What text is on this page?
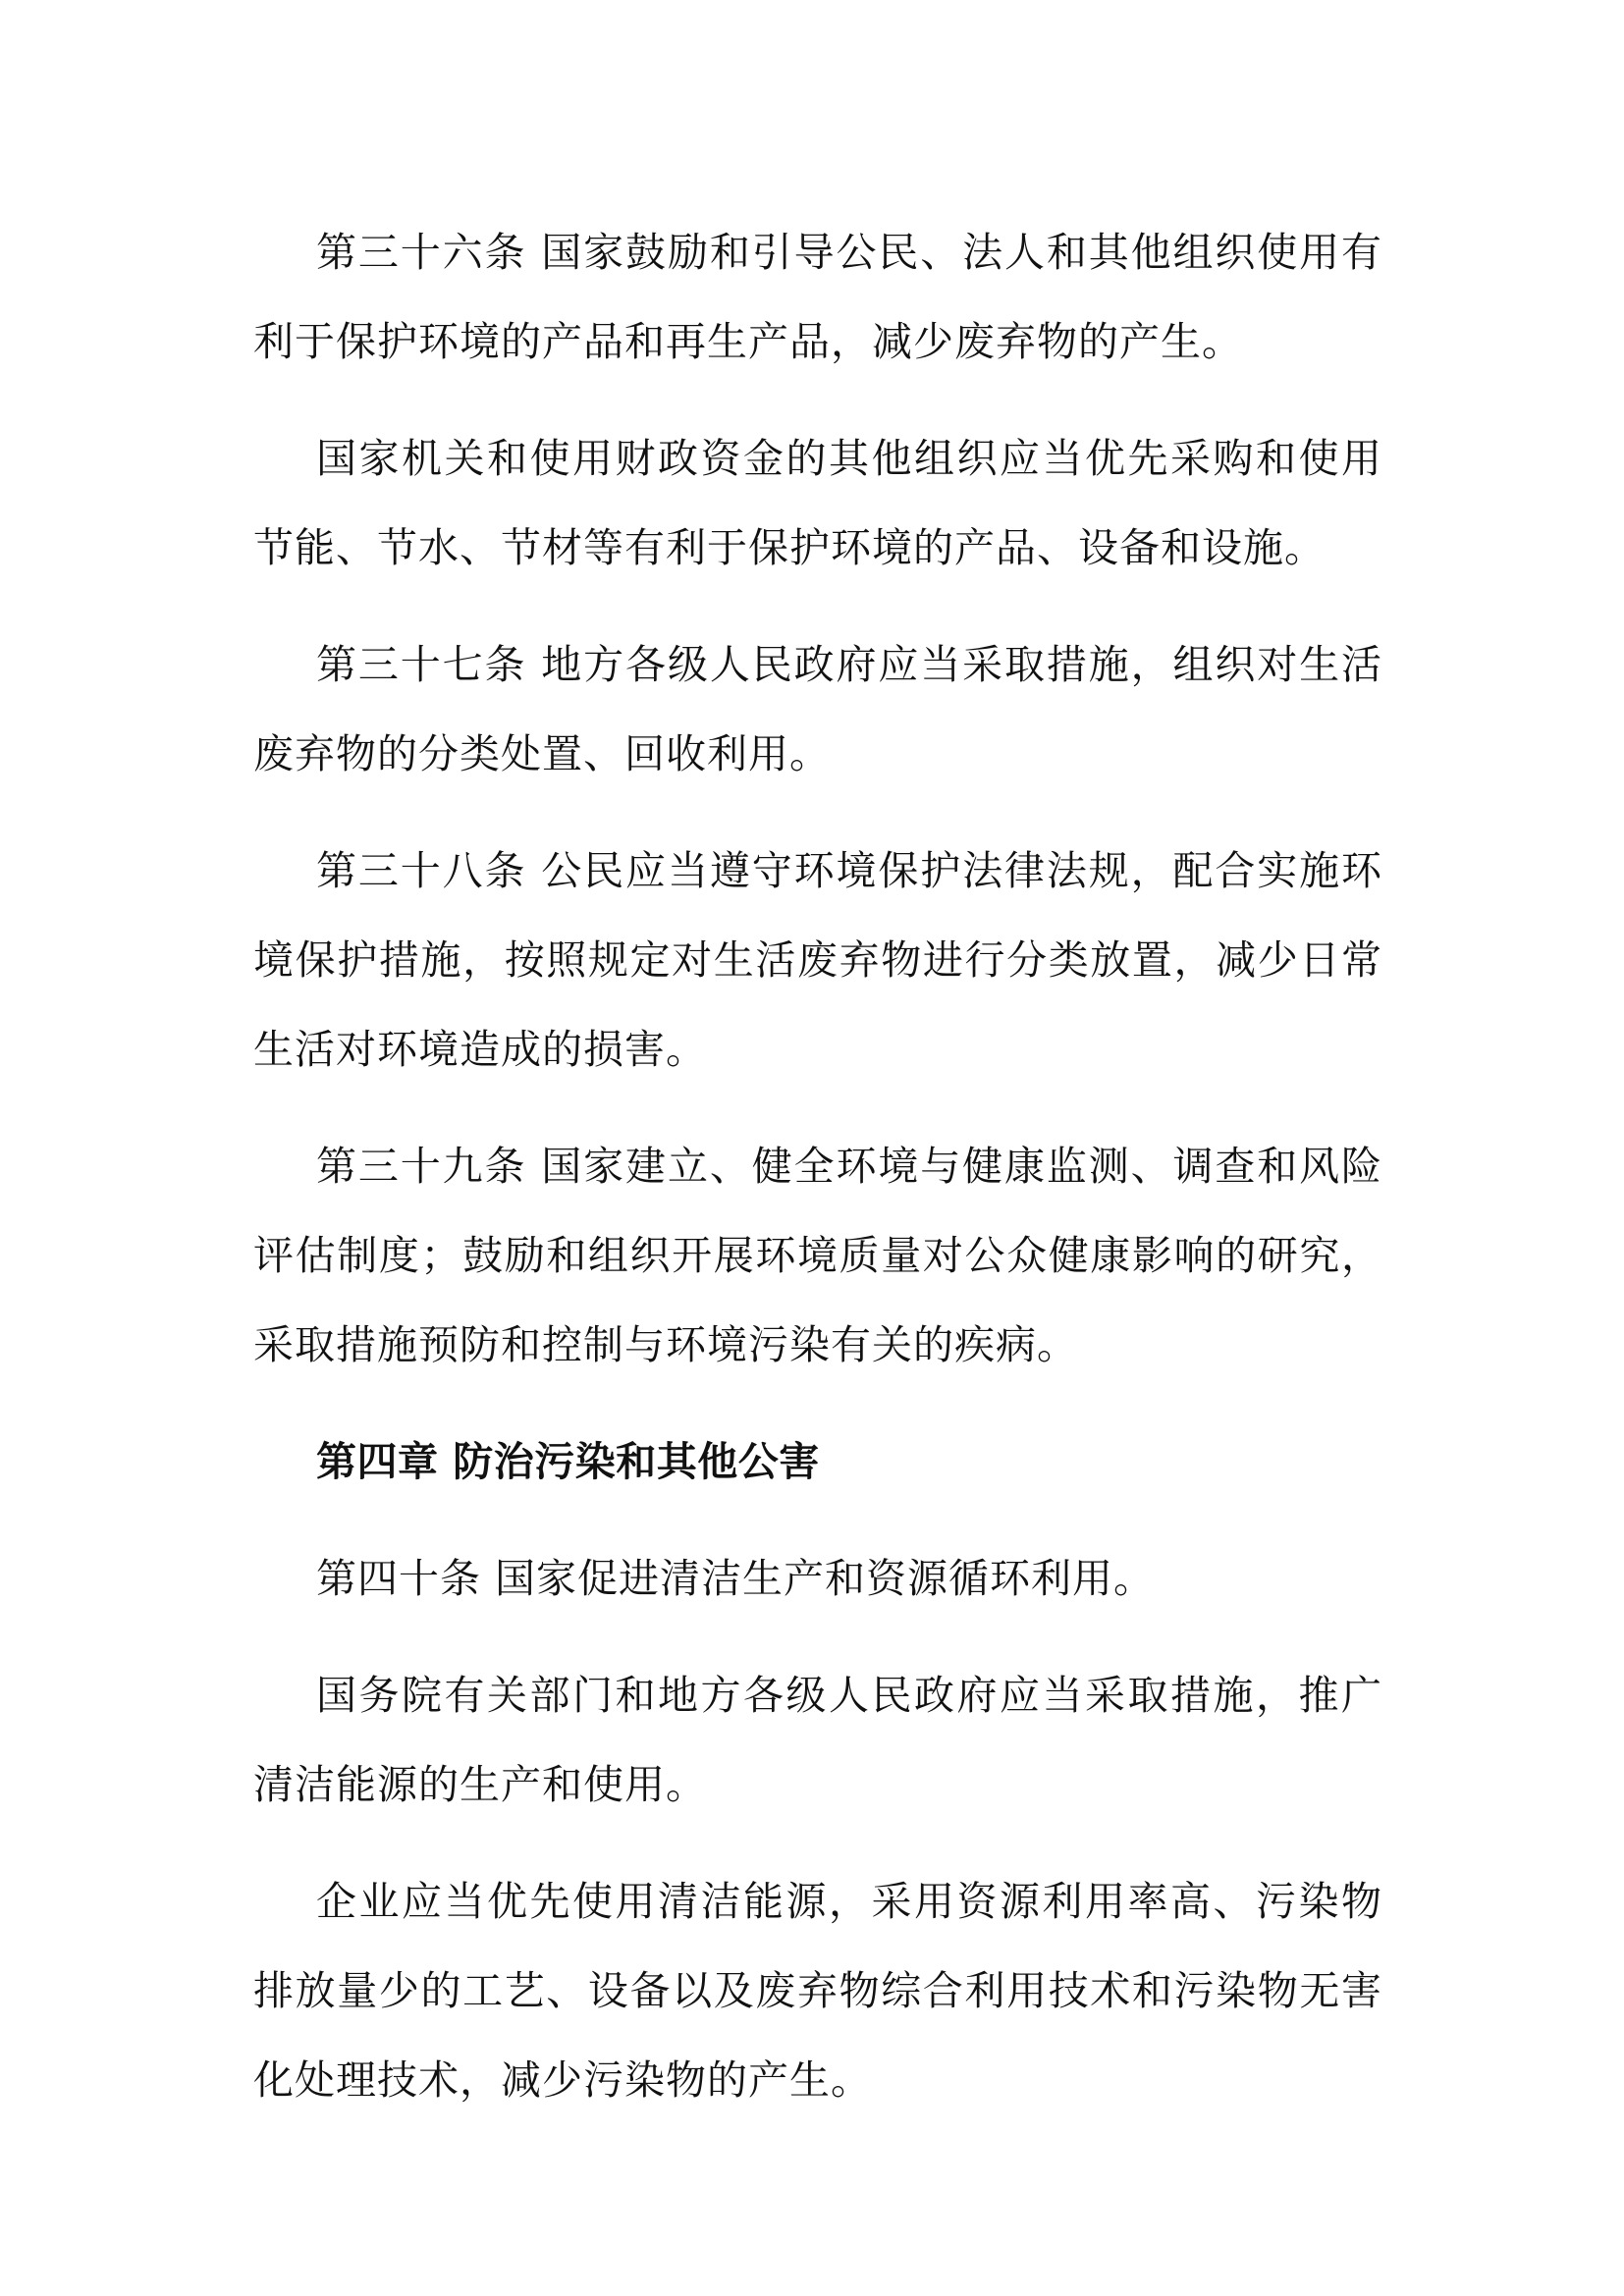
第三十六条 国家鼓励和引导公民、法人和其他组织使用有利于保护环境的产品和再生产品，减少废弃物的产生。

国家机关和使用财政资金的其他组织应当优先采购和使用节能、节水、节材等有利于保护环境的产品、设备和设施。

第三十七条 地方各级人民政府应当采取措施，组织对生活废弃物的分类处置、回收利用。

第三十八条 公民应当遵守环境保护法律法规，配合实施环境保护措施，按照规定对生活废弃物进行分类放置，减少日常生活对环境造成的损害。

第三十九条 国家建立、健全环境与健康监测、调查和风险评估制度；鼓励和组织开展环境质量对公众健康影响的研究，采取措施预防和控制与环境污染有关的疾病。

第四章 防治污染和其他公害

第四十条 国家促进清洁生产和资源循环利用。

国务院有关部门和地方各级人民政府应当采取措施，推广清洁能源的生产和使用。

企业应当优先使用清洁能源，采用资源利用率高、污染物排放量少的工艺、设备以及废弃物综合利用技术和污染物无害化处理技术，减少污染物的产生。
